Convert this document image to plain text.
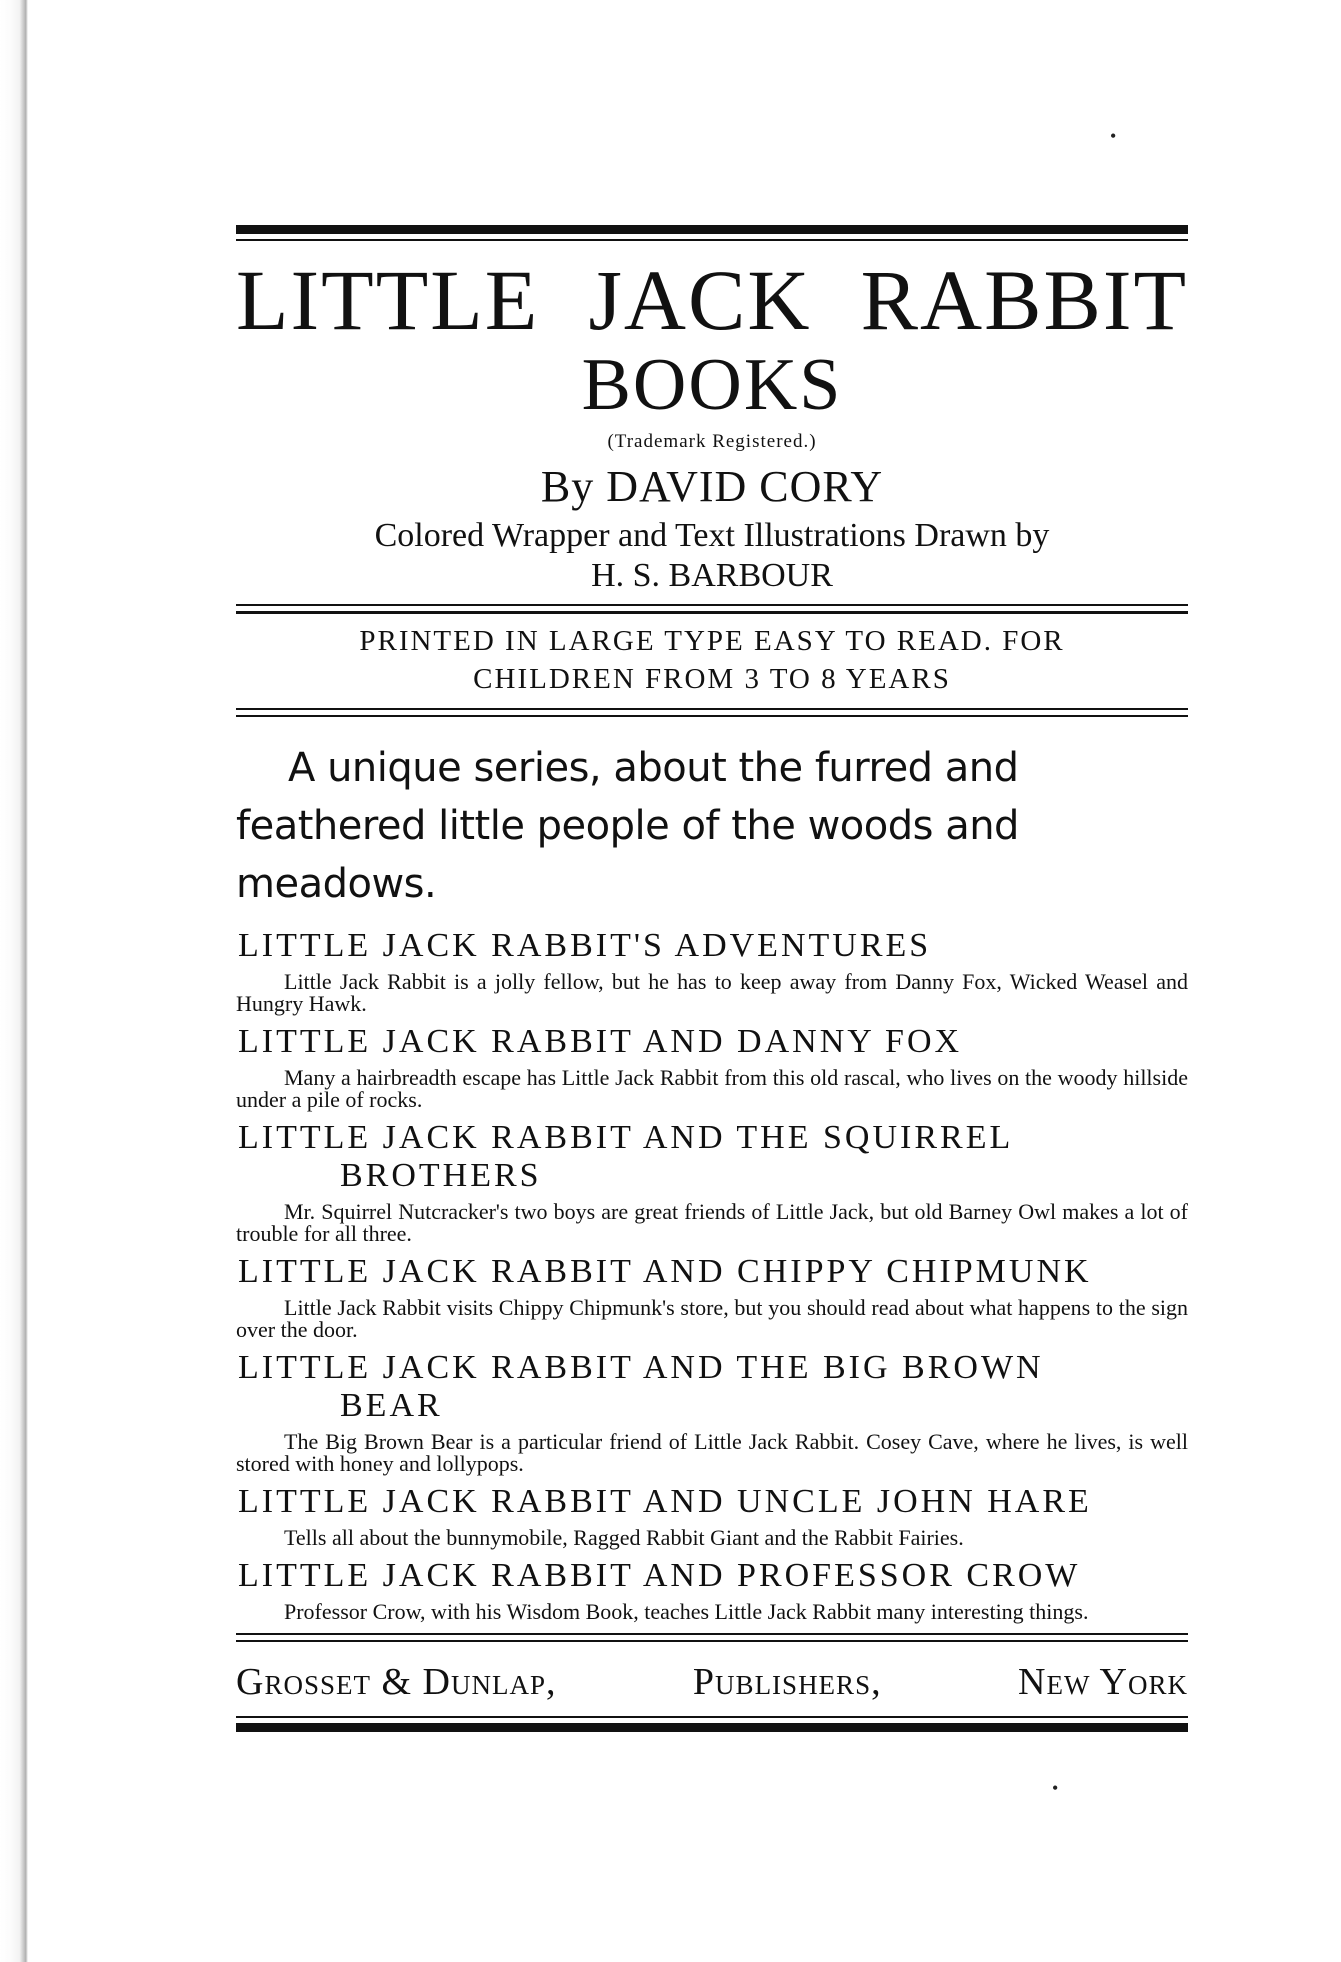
•
•
LITTLE JACK RABBIT
BOOKS
(Trademark Registered.)
By DAVID CORY
Colored Wrapper and Text Illustrations Drawn by
H. S. BARBOUR
PRINTED IN LARGE TYPE EASY TO READ. FOR
CHILDREN FROM 3 TO 8 YEARS
A unique series, about the furred and feathered little people of the woods and meadows.
LITTLE JACK RABBIT'S ADVENTURES
Little Jack Rabbit is a jolly fellow, but he has to keep away from Danny Fox, Wicked Weasel and Hungry Hawk.
LITTLE JACK RABBIT AND DANNY FOX
Many a hairbreadth escape has Little Jack Rabbit from this old rascal, who lives on the woody hillside under a pile of rocks.
LITTLE JACK RABBIT AND THE SQUIRREL
BROTHERS
Mr. Squirrel Nutcracker's two boys are great friends of Little Jack, but old Barney Owl makes a lot of trouble for all three.
LITTLE JACK RABBIT AND CHIPPY CHIPMUNK
Little Jack Rabbit visits Chippy Chipmunk's store, but you should read about what happens to the sign over the door.
LITTLE JACK RABBIT AND THE BIG BROWN
BEAR
The Big Brown Bear is a particular friend of Little Jack Rabbit. Cosey Cave, where he lives, is well stored with honey and lollypops.
LITTLE JACK RABBIT AND UNCLE JOHN HARE
Tells all about the bunnymobile, Ragged Rabbit Giant and the Rabbit Fairies.
LITTLE JACK RABBIT AND PROFESSOR CROW
Professor Crow, with his Wisdom Book, teaches Little Jack Rabbit many interesting things.
Grosset & Dunlap,	Publishers,	New York
